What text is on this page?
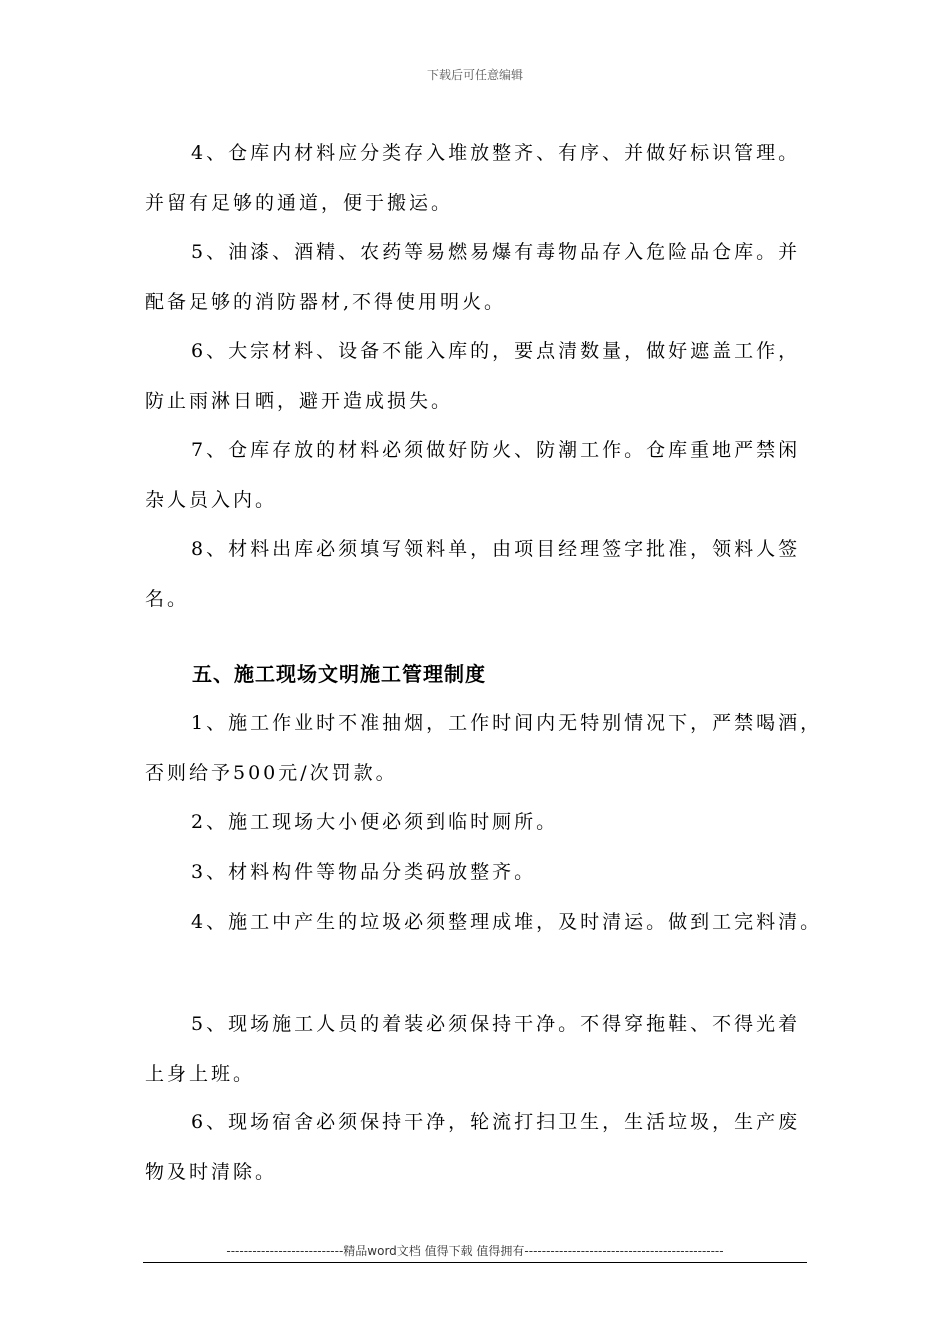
下载后可任意编辑
4、仓库内材料应分类存入堆放整齐、有序、并做好标识管理。
并留有足够的通道，便于搬运。
5、油漆、酒精、农药等易燃易爆有毒物品存入危险品仓库。并
配备足够的消防器材,不得使用明火。
6、大宗材料、设备不能入库的，要点清数量，做好遮盖工作，
防止雨淋日晒，避开造成损失。
7、仓库存放的材料必须做好防火、防潮工作。仓库重地严禁闲
杂人员入内。
8、材料出库必须填写领料单，由项目经理签字批准，领料人签
名。
五、施工现场文明施工管理制度
1、施工作业时不准抽烟，工作时间内无特别情况下，严禁喝酒，
否则给予500元/次罚款。
2、施工现场大小便必须到临时厕所。
3、材料构件等物品分类码放整齐。
4、施工中产生的垃圾必须整理成堆，及时清运。做到工完料清。
5、现场施工人员的着装必须保持干净。不得穿拖鞋、不得光着
上身上班。
6、现场宿舍必须保持干净，轮流打扫卫生，生活垃圾，生产废
物及时清除。
---------------------------精品word文档 值得下载 值得拥有----------------------------------------------
